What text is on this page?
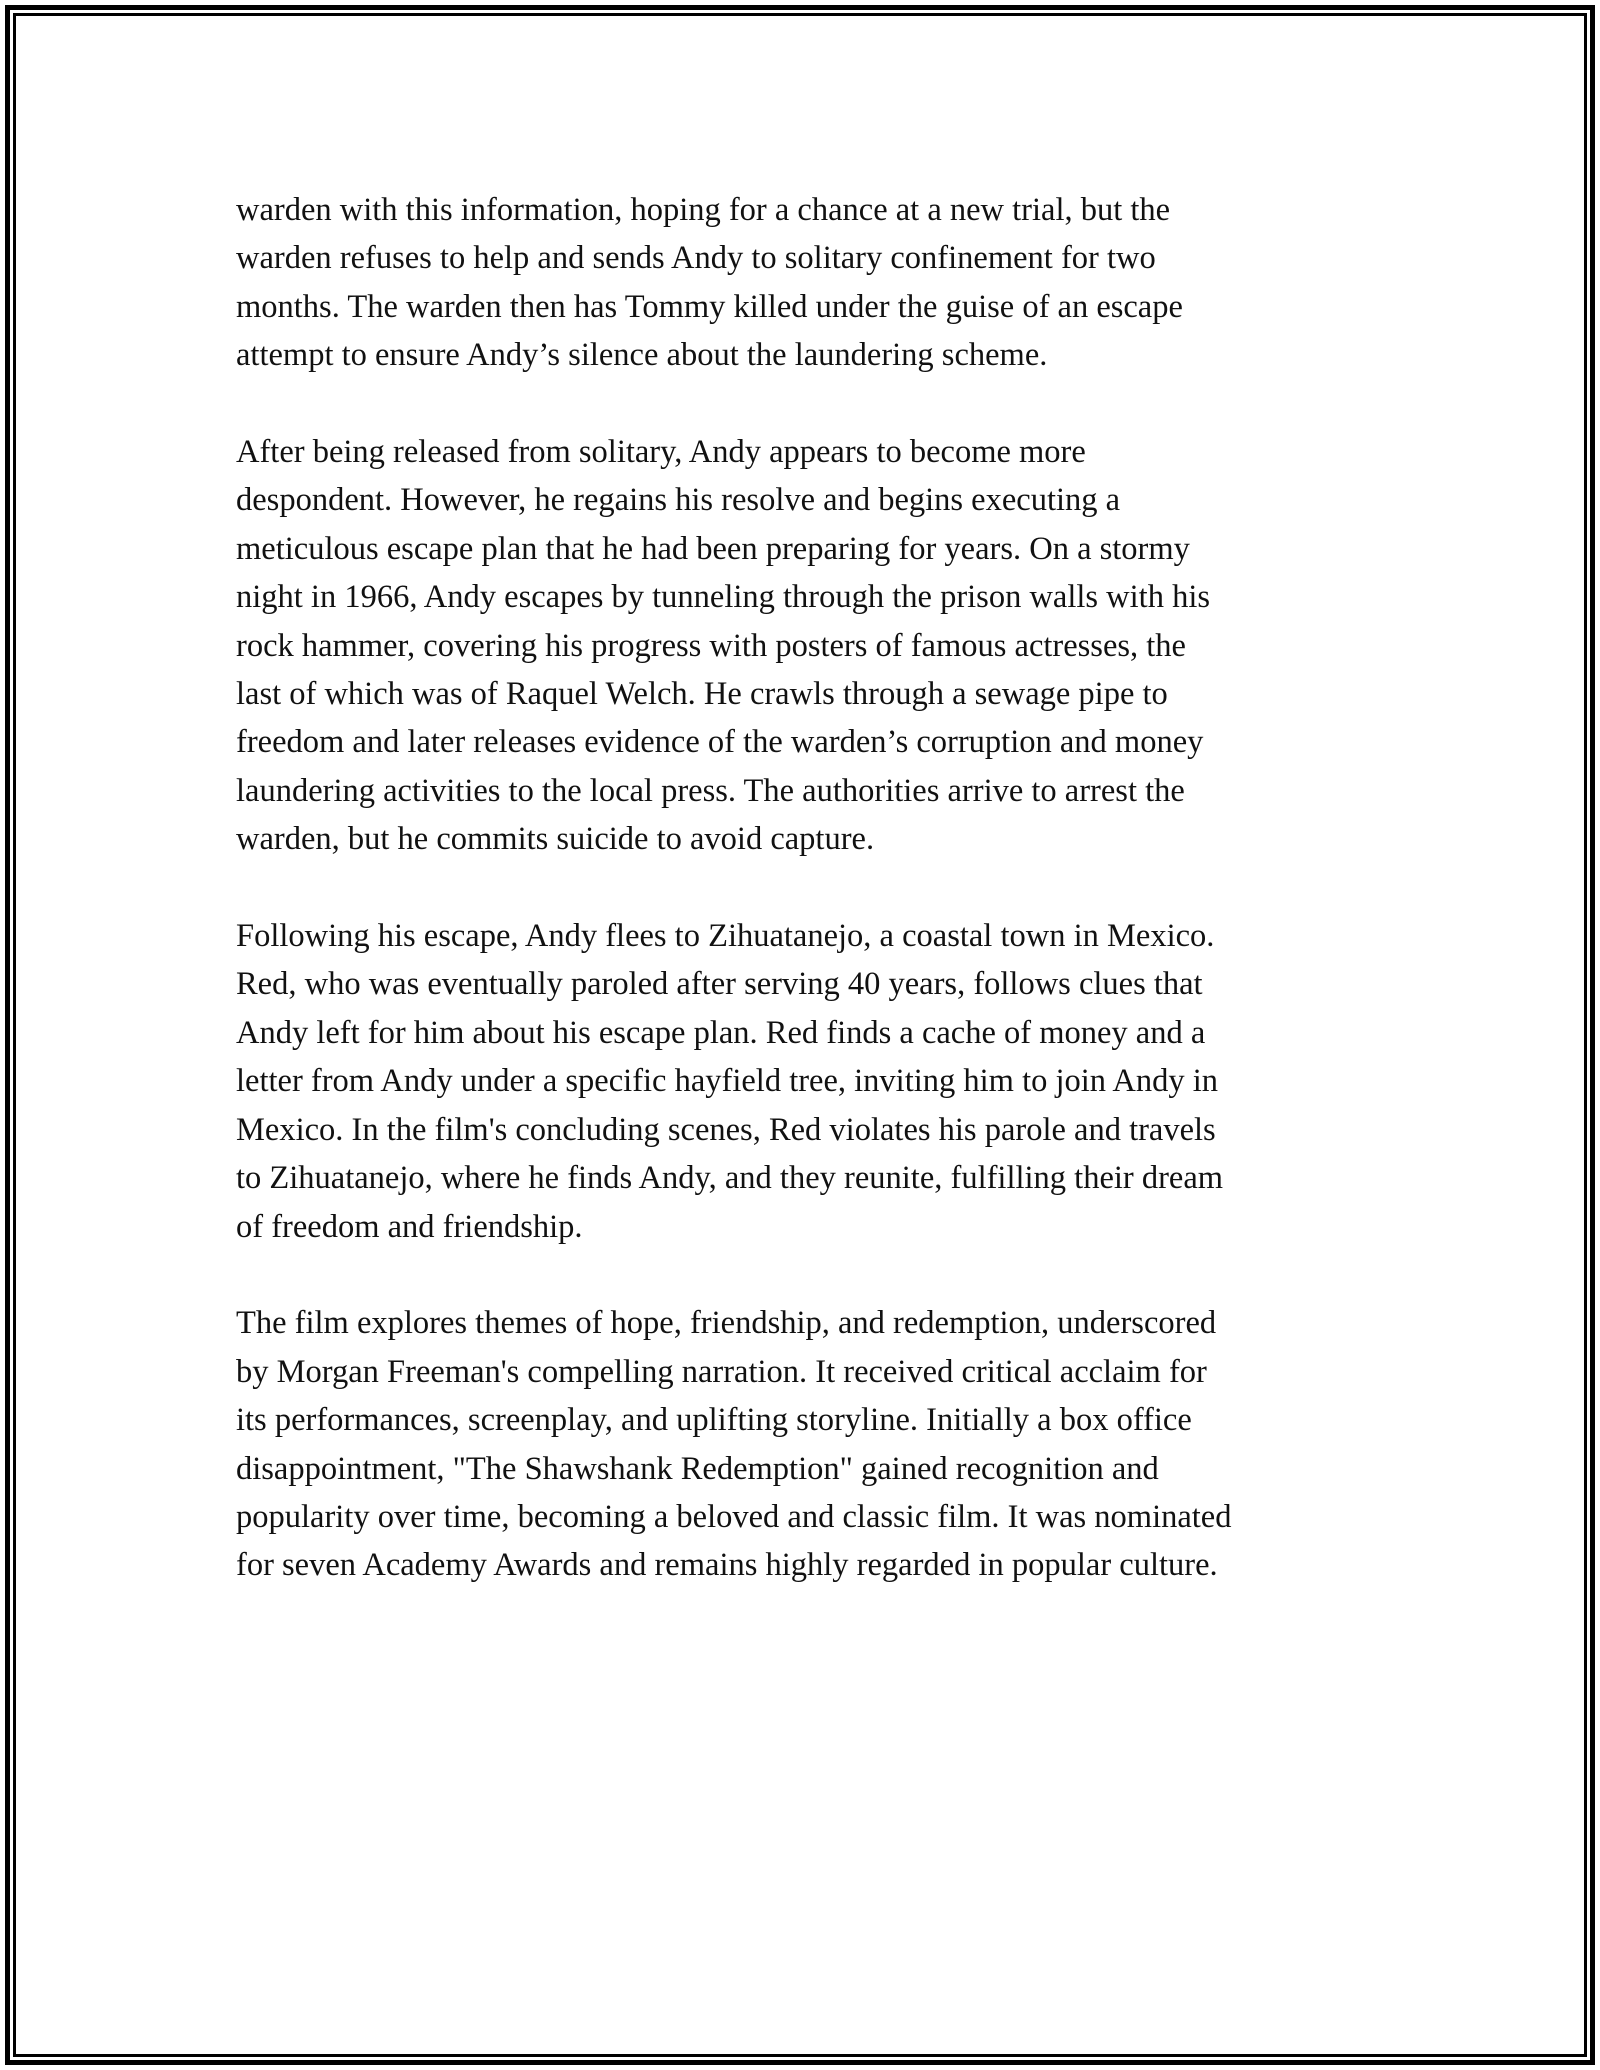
warden with this information, hoping for a chance at a new trial, but the
warden refuses to help and sends Andy to solitary confinement for two
months. The warden then has Tommy killed under the guise of an escape
attempt to ensure Andy’s silence about the laundering scheme.

After being released from solitary, Andy appears to become more
despondent. However, he regains his resolve and begins executing a
meticulous escape plan that he had been preparing for years. On a stormy
night in 1966, Andy escapes by tunneling through the prison walls with his
rock hammer, covering his progress with posters of famous actresses, the
last of which was of Raquel Welch. He crawls through a sewage pipe to
freedom and later releases evidence of the warden’s corruption and money
laundering activities to the local press. The authorities arrive to arrest the
warden, but he commits suicide to avoid capture.

Following his escape, Andy flees to Zihuatanejo, a coastal town in Mexico.
Red, who was eventually paroled after serving 40 years, follows clues that
Andy left for him about his escape plan. Red finds a cache of money and a
letter from Andy under a specific hayfield tree, inviting him to join Andy in
Mexico. In the film's concluding scenes, Red violates his parole and travels
to Zihuatanejo, where he finds Andy, and they reunite, fulfilling their dream
of freedom and friendship.

The film explores themes of hope, friendship, and redemption, underscored
by Morgan Freeman's compelling narration. It received critical acclaim for
its performances, screenplay, and uplifting storyline. Initially a box office
disappointment, "The Shawshank Redemption" gained recognition and
popularity over time, becoming a beloved and classic film. It was nominated
for seven Academy Awards and remains highly regarded in popular culture.
